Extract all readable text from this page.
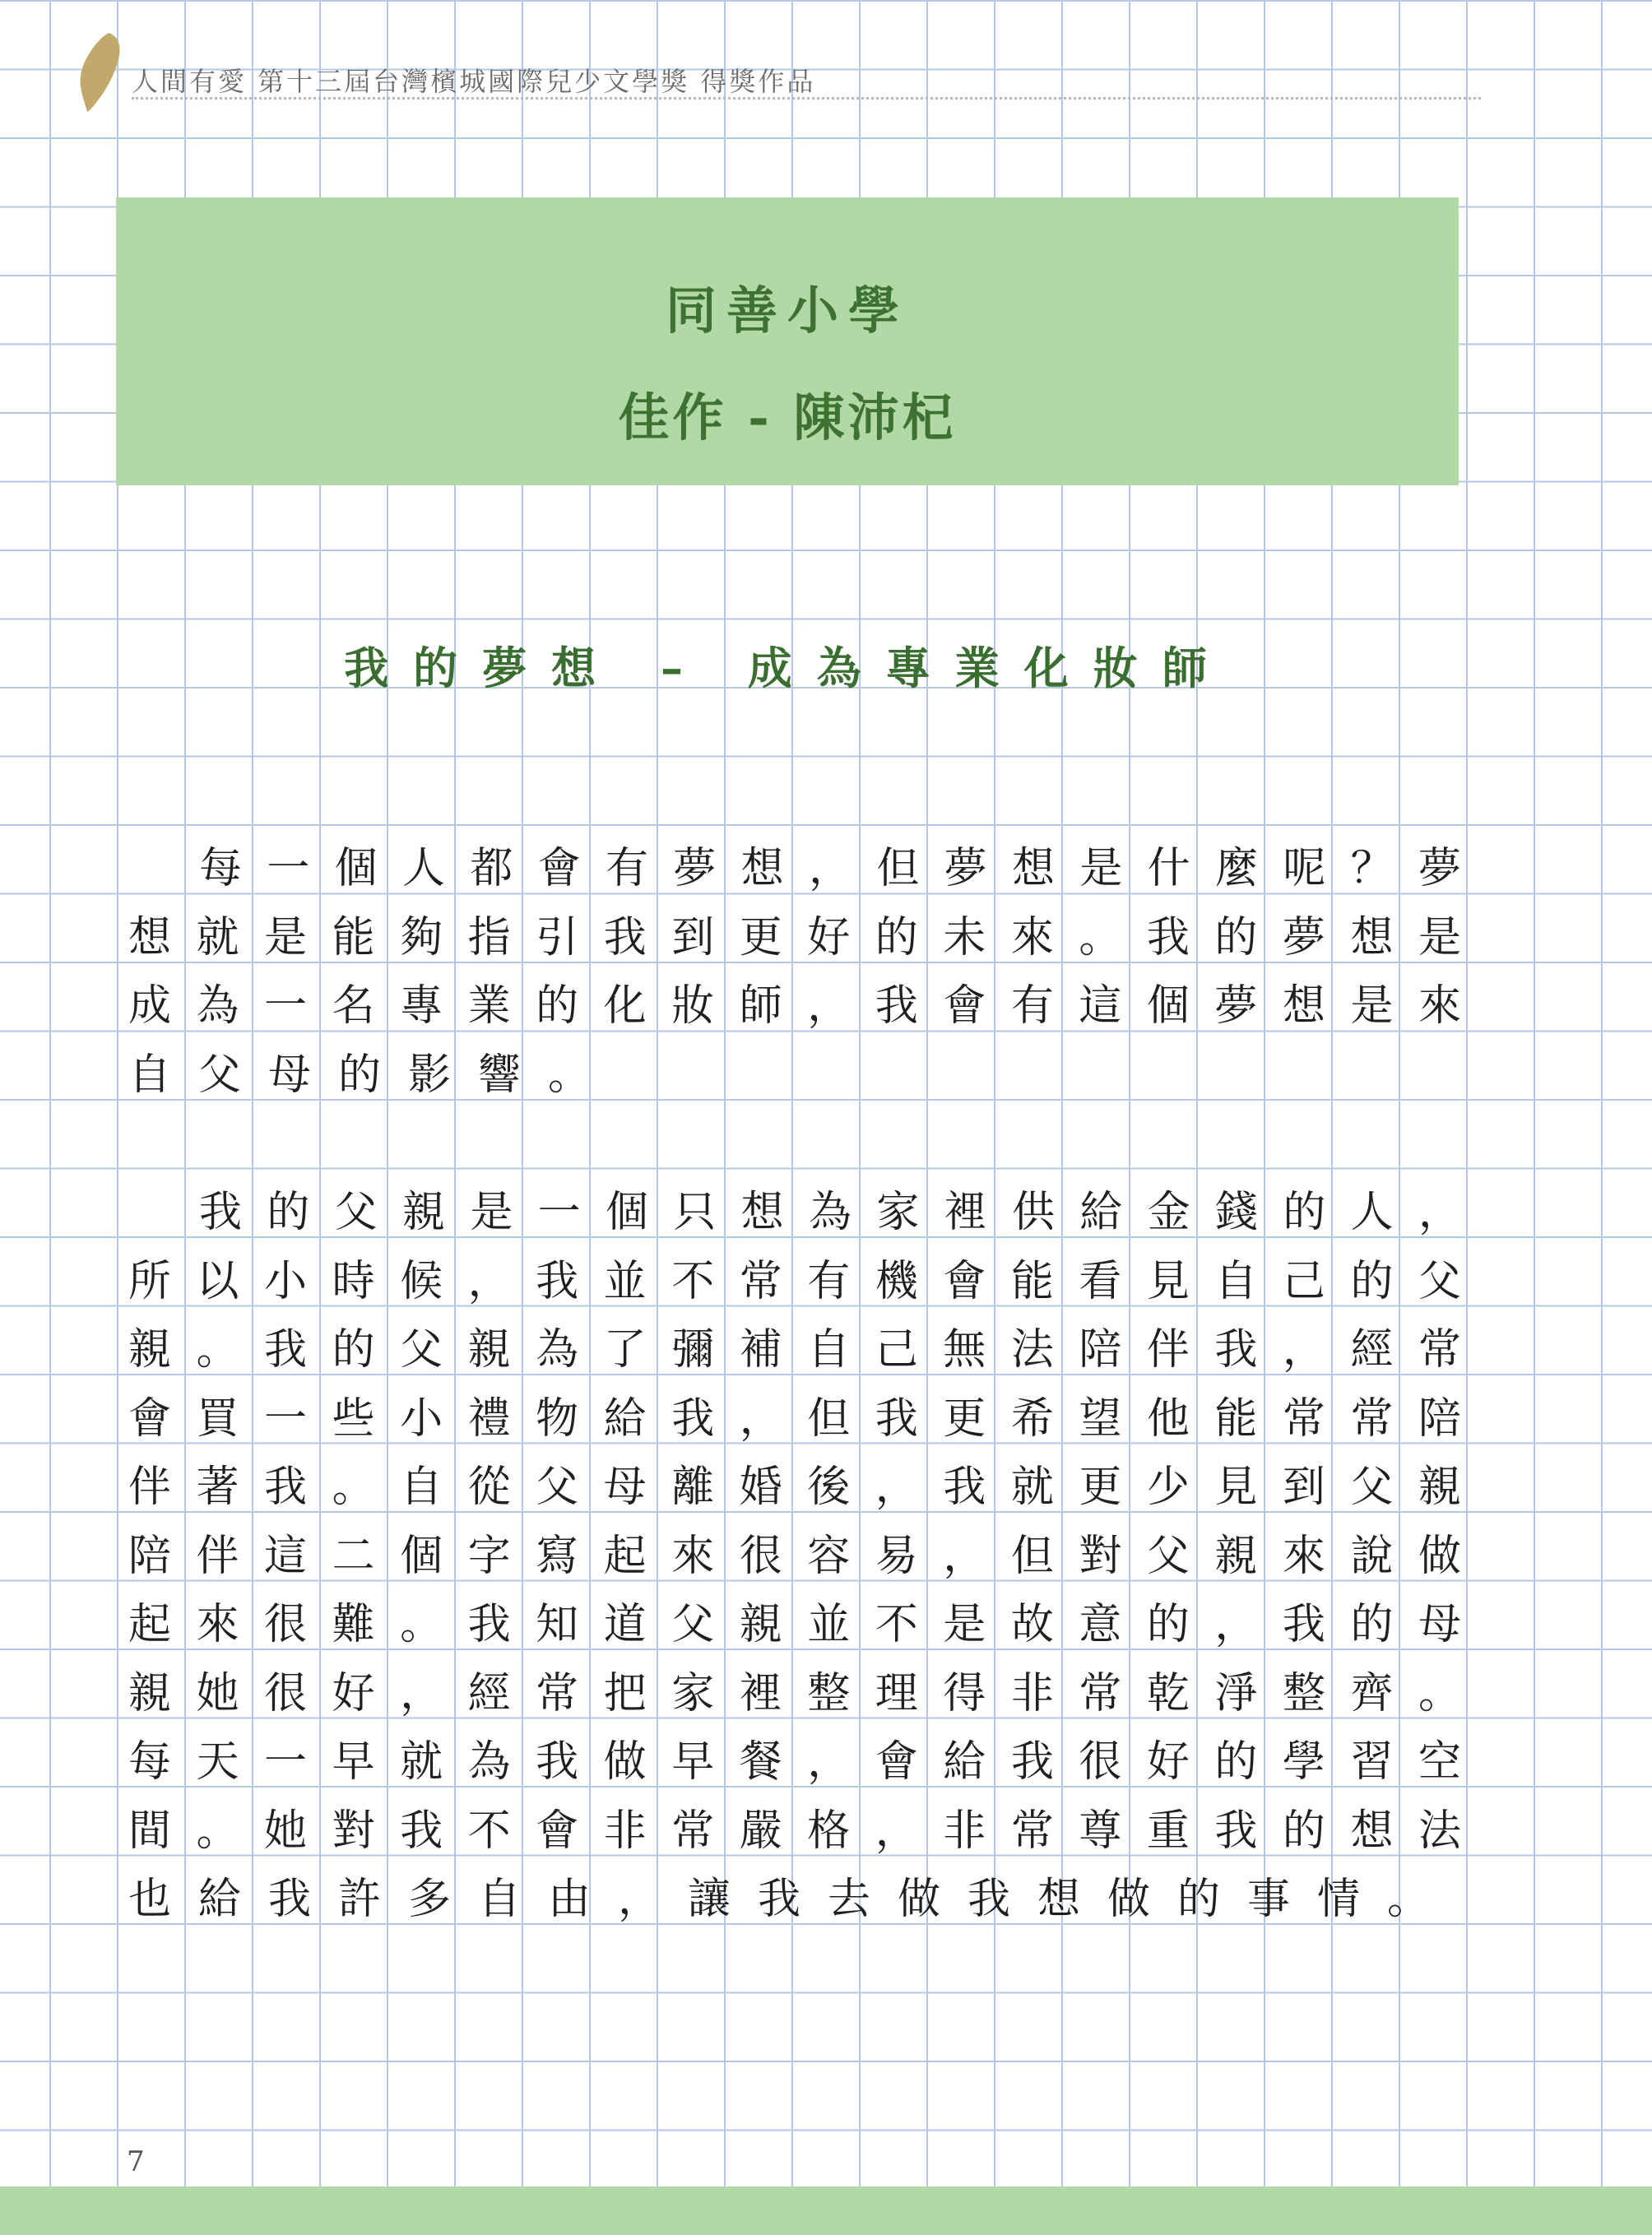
人間有愛 第十三屆台灣檳城國際兒少文學獎 得獎作品
同善小學
佳作 - 陳沛杞
我的夢想 – 成為專業化妝師
每一個人都會有夢想，但夢想是什麼呢？夢
想就是能夠指引我到更好的未來。我的夢想是
成為一名專業的化妝師，我會有這個夢想是來
自父母的影響。
我的父親是一個只想為家裡供給金錢的人，
所以小時候，我並不常有機會能看見自己的父
親。我的父親為了彌補自己無法陪伴我，經常
會買一些小禮物給我，但我更希望他能常常陪
伴著我。自從父母離婚後，我就更少見到父親
陪伴這二個字寫起來很容易，但對父親來說做
起來很難。我知道父親並不是故意的，我的母
親她很好，經常把家裡整理得非常乾淨整齊。
每天一早就為我做早餐，會給我很好的學習空
間。她對我不會非常嚴格，非常尊重我的想法
也給我許多自由，讓我去做我想做的事情。
7
